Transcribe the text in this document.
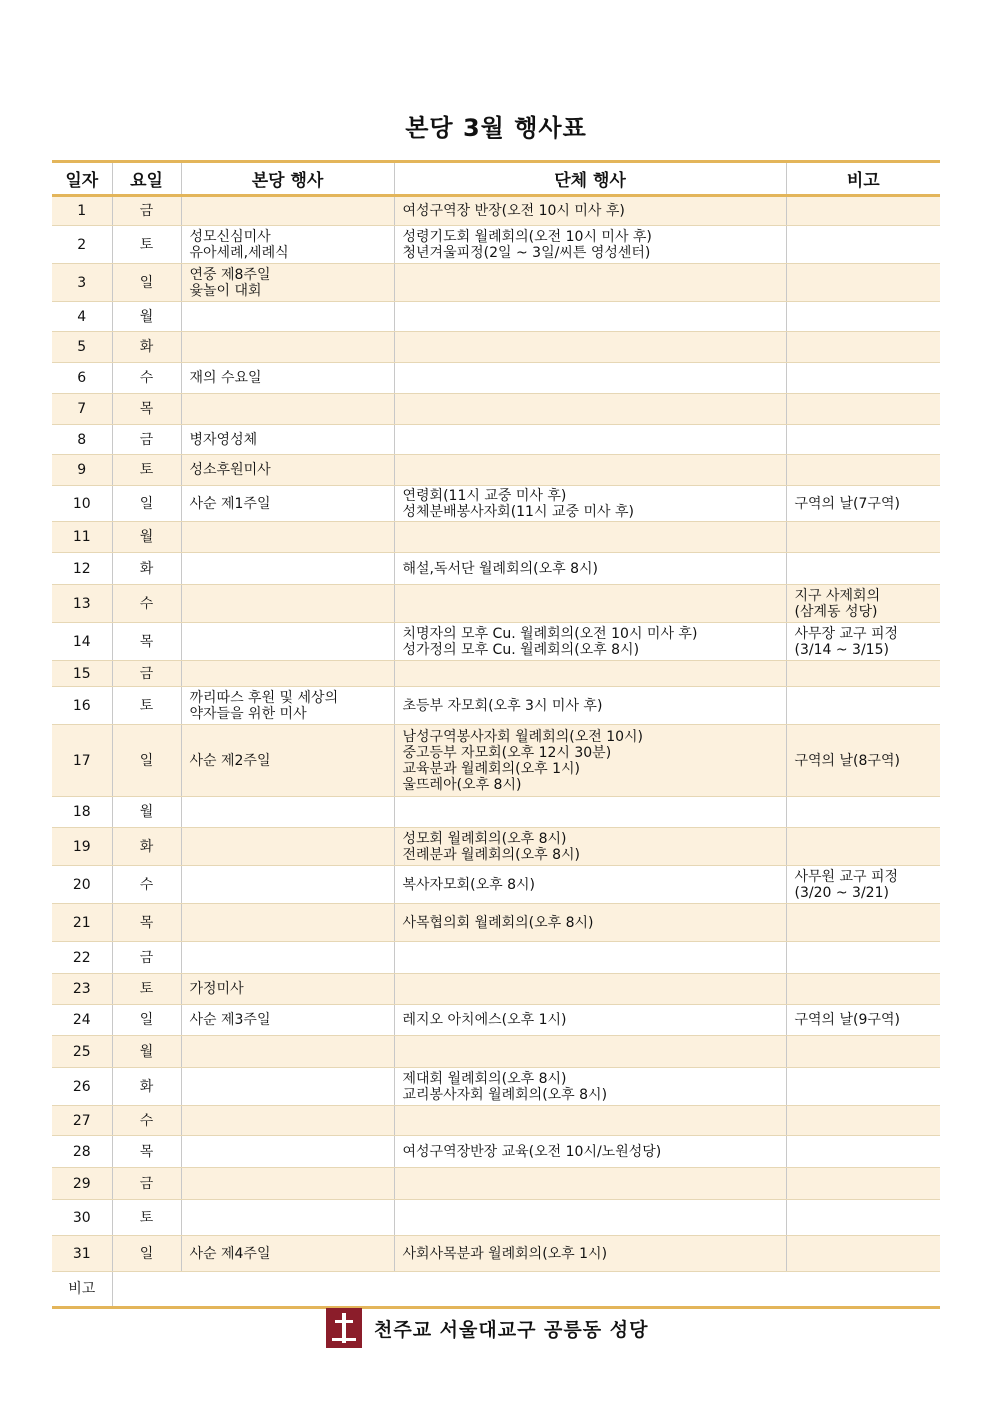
본당 3월 행사표
일자	요일	본당 행사	단체 행사	비고
1	금		여성구역장 반장(오전 10시 미사 후)	
2	토	성모신심미사
유아세례,세례식	성령기도회 월례회의(오전 10시 미사 후)
청년겨울피정(2일 ~ 3일/씨튼 영성센터)	
3	일	연중 제8주일
윷놀이 대회		
4	월			
5	화			
6	수	재의 수요일		
7	목			
8	금	병자영성체		
9	토	성소후원미사		
10	일	사순 제1주일	연령회(11시 교중 미사 후)
성체분배봉사자회(11시 교중 미사 후)	구역의 날(7구역)
11	월			
12	화		해설,독서단 월례회의(오후 8시)	
13	수			지구 사제회의
(삼계동 성당)
14	목		치명자의 모후 Cu. 월례회의(오전 10시 미사 후)
성가정의 모후 Cu. 월례회의(오후 8시)	사무장 교구 피정
(3/14 ~ 3/15)
15	금			
16	토	까리따스 후원 및 세상의
약자들을 위한 미사	초등부 자모회(오후 3시 미사 후)	
17	일	사순 제2주일	남성구역봉사자회 월례회의(오전 10시)
중고등부 자모회(오후 12시 30분)
교육분과 월례회의(오후 1시)
울뜨레아(오후 8시)	구역의 날(8구역)
18	월			
19	화		성모회 월례회의(오후 8시)
전례분과 월례회의(오후 8시)	
20	수		복사자모회(오후 8시)	사무원 교구 피정
(3/20 ~ 3/21)
21	목		사목협의회 월례회의(오후 8시)	
22	금			
23	토	가정미사		
24	일	사순 제3주일	레지오 아치에스(오후 1시)	구역의 날(9구역)
25	월			
26	화		제대회 월례회의(오후 8시)
교리봉사자회 월례회의(오후 8시)	
27	수			
28	목		여성구역장반장 교육(오전 10시/노원성당)	
29	금			
30	토			
31	일	사순 제4주일	사회사목분과 월례회의(오후 1시)	
비고				
천주교 서울대교구 공릉동 성당
